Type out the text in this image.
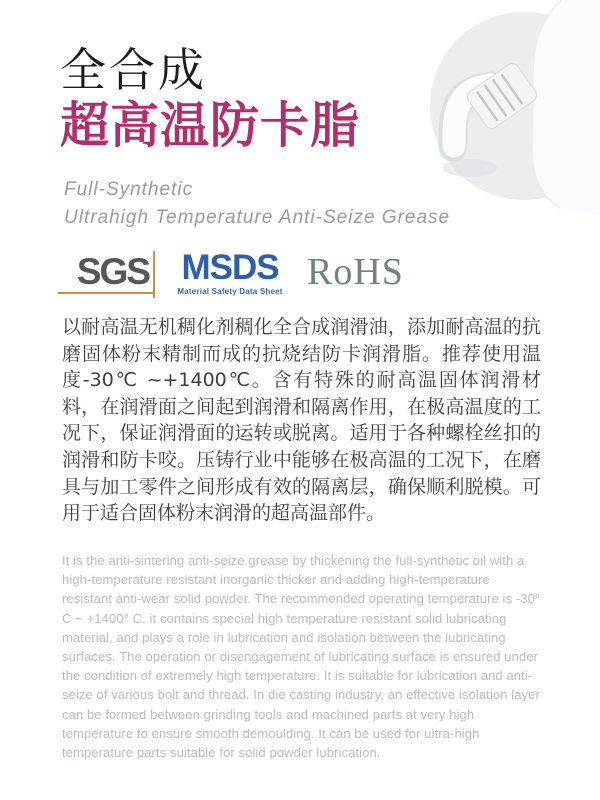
全合成
超高温防卡脂
Full-Synthetic
Ultrahigh Temperature Anti-Seize Grease
SGS MSDS
Material Safety Data Sheet RoHS

以耐高温无机稠化剂稠化全合成润滑油，添加耐高温的抗磨固体粉末精制而成的抗烧结防卡润滑脂。推荐使用温度-30℃ ~+1400℃。含有特殊的耐高温固体润滑材料，在润滑面之间起到润滑和隔离作用，在极高温度的工况下，保证润滑面的运转或脱离。适用于各种螺栓丝扣的润滑和防卡咬。压铸行业中能够在极高温的工况下，在磨具与加工零件之间形成有效的隔离层，确保顺利脱模。可用于适合固体粉末润滑的超高温部件。

It is the anti-sintering anti-seize grease by thickening the full-synthetic oil with a high-temperature resistant inorganic thicker and adding high-temperature resistant anti-wear solid powder. The recommended operating temperature is -30° C ~ +1400° C. it contains special high temperature resistant solid lubricating material, and plays a role in lubrication and isolation between the lubricating surfaces. The operation or disengagement of lubricating surface is ensured under the condition of extremely high temperature. It is suitable for lubrication and anti-seize of various bolt and thread. In die casting industry, an effective isolation layer can be formed between grinding tools and machined parts at very high temperature to ensure smooth demoulding. It can be used for ultra-high temperature parts suitable for solid powder lubrication.
